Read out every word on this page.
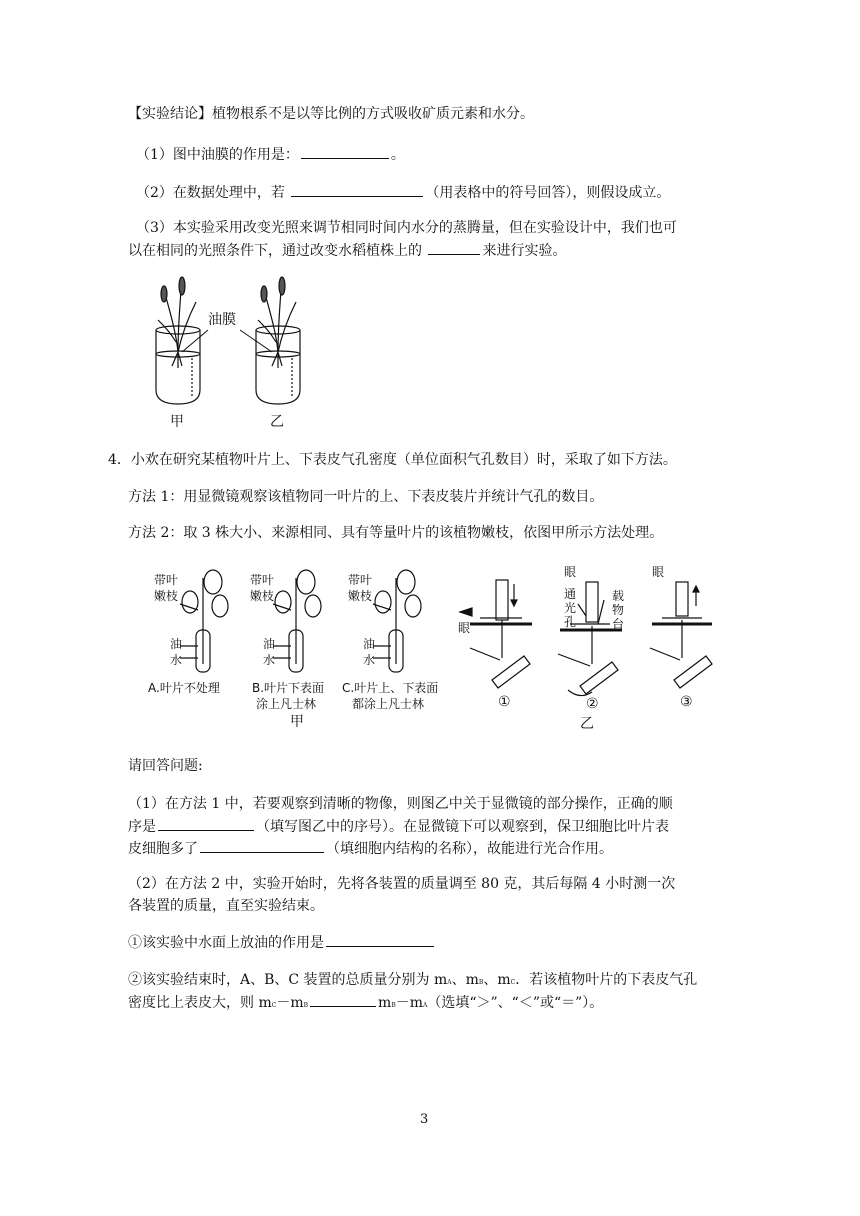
【实验结论】植物根系不是以等比例的方式吸收矿质元素和水分。
（1）图中油膜的作用是：	。
（2）在数据处理中，若	（用表格中的符号回答），则假设成立。
（3）本实验采用改变光照来调节相同时间内水分的蒸腾量，但在实验设计中，我们也可
以在相同的光照条件下，通过改变水稻植株上的	来进行实验。
油膜
甲	乙
4．小欢在研究某植物叶片上、下表皮气孔密度（单位面积气孔数目）时，采取了如下方法。
方法 1：用显微镜观察该植物同一叶片的上、下表皮装片并统计气孔的数目。
方法 2：取 3 株大小、来源相同、具有等量叶片的该植物嫩枝，依图甲所示方法处理。
带叶
嫩枝
带叶
嫩枝
带叶
嫩枝
油
水
油
水
油
水
A.叶片不处理	B.叶片下表面
涂上凡士林
C.叶片上、下表面
都涂上凡士林
甲
眼
①
眼
通
光
孔
载
物
台
②
乙
眼
③
请回答问题:
（1）在方法 1 中，若要观察到清晰的物像，则图乙中关于显微镜的部分操作，正确的顺
序是	（填写图乙中的序号）。在显微镜下可以观察到，保卫细胞比叶片表
皮细胞多了	（填细胞内结构的名称），故能进行光合作用。
（2）在方法 2 中，实验开始时，先将各装置的质量调至 80 克，其后每隔 4 小时测一次
各装置的质量，直至实验结束。
①该实验中水面上放油的作用是
②该实验结束时，A、B、C 装置的总质量分别为 mA、mB、mC．若该植物叶片的下表皮气孔
密度比上表皮大，则 mC－mB	mB－mA（选填“＞”、“＜”或“＝”）。
3
